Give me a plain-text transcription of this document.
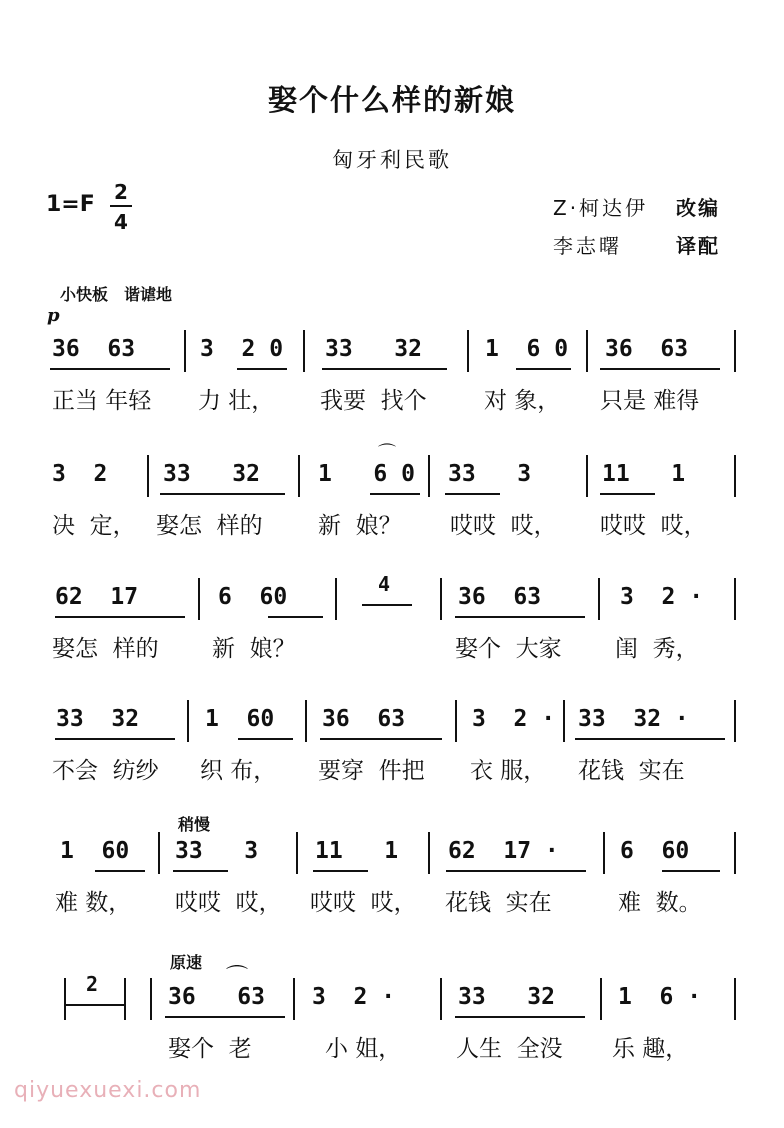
娶个什么样的新娘
匈牙利民歌
1=F 2
4
Z·柯达伊 改编
李志曙	译配
小快板　谐谑地
p
36  63	3  2 0 33   32	1  6 0 36  63
正当 年轻 力 壮， 我要  找个 对 象， 只是 难得
3  2 33   32	1   6 0 33   3	11   1
⌒
决  定， 娶怎  样的 新  娘？ 哎哎  哎， 哎哎  哎，
62  17	6  60	4	36  63	3  2 ·
娶怎  样的 新  娘？	娶个  大家 闺  秀，
33  32	1  60 36  63	3  2 · 33  32 ·
不会  纺纱 织 布， 要穿  件把 衣 服， 花钱  实在
稍慢
1  60 33   3 11   1 62  17 ·	6  60
难 数， 哎哎  哎， 哎哎  哎， 花钱  实在	难  数。
原速
2	36   63 3  2 ·	33   32	1  6 ·
⌒
娶个  老	小 姐， 人生  全没 乐 趣，
qiyuexuexi.com
